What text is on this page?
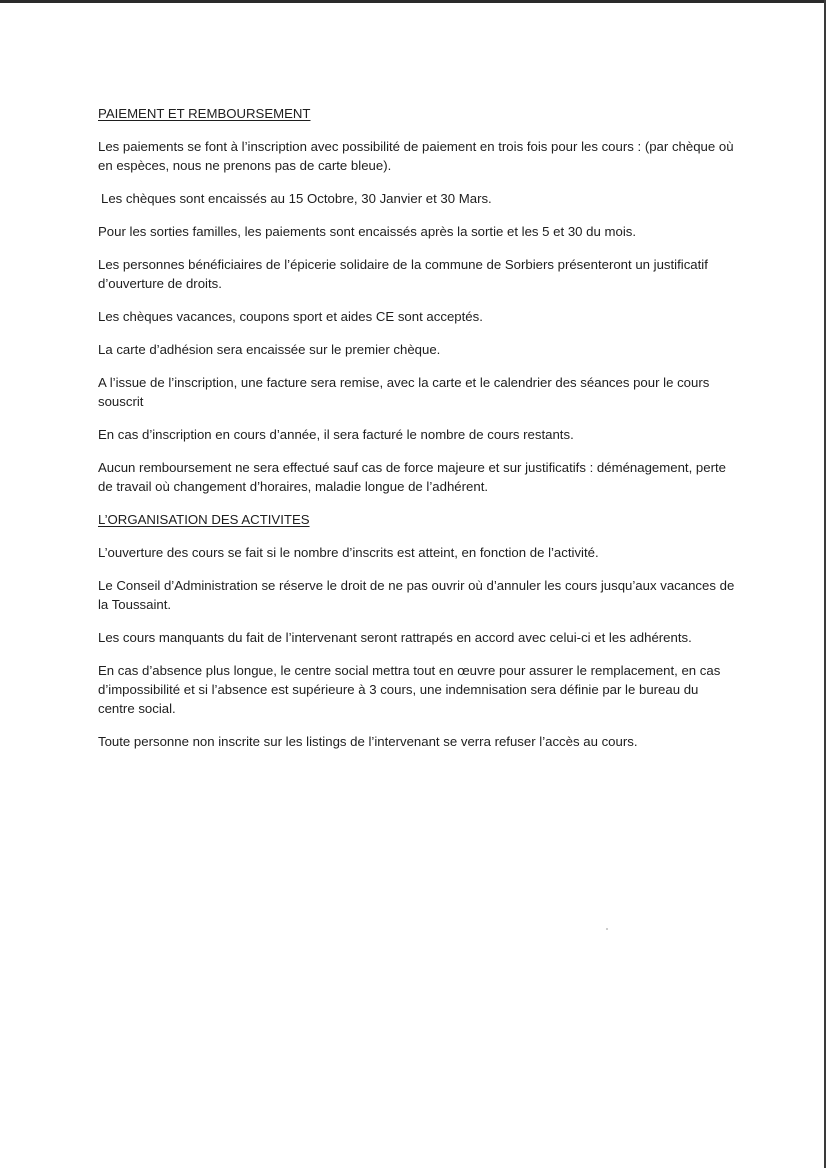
PAIEMENT ET REMBOURSEMENT

Les paiements se font à l’inscription avec possibilité de paiement en trois fois pour les cours : (par chèque où en espèces, nous ne prenons pas de carte bleue).

Les chèques sont encaissés au 15 Octobre, 30 Janvier et 30 Mars.

Pour les sorties familles, les paiements sont encaissés après la sortie et les 5 et 30 du mois.

Les personnes bénéficiaires de l’épicerie solidaire de la commune de Sorbiers présenteront un justificatif d’ouverture de droits.

Les chèques vacances, coupons sport et aides CE sont acceptés.

La carte d’adhésion sera encaissée sur le premier chèque.

A l’issue de l’inscription, une facture sera remise, avec la carte et le calendrier des séances pour le cours souscrit

En cas d’inscription en cours d’année, il sera facturé le nombre de cours restants.

Aucun remboursement ne sera effectué sauf cas de force majeure et sur justificatifs : déménagement, perte de travail où changement d’horaires, maladie longue de l’adhérent.

L’ORGANISATION DES ACTIVITES

L’ouverture des cours se fait si le nombre d’inscrits est atteint, en fonction de l’activité.

Le Conseil d’Administration se réserve le droit de ne pas ouvrir où d’annuler les cours jusqu’aux vacances de la Toussaint.

Les cours manquants du fait de l’intervenant seront rattrapés en accord avec celui-ci et les adhérents.

En cas d’absence plus longue, le centre social mettra tout en œuvre pour assurer le remplacement, en cas d’impossibilité et si l’absence est supérieure à 3 cours, une indemnisation sera définie par le bureau du centre social.

Toute personne non inscrite sur les listings de l’intervenant se verra refuser l’accès au cours.
